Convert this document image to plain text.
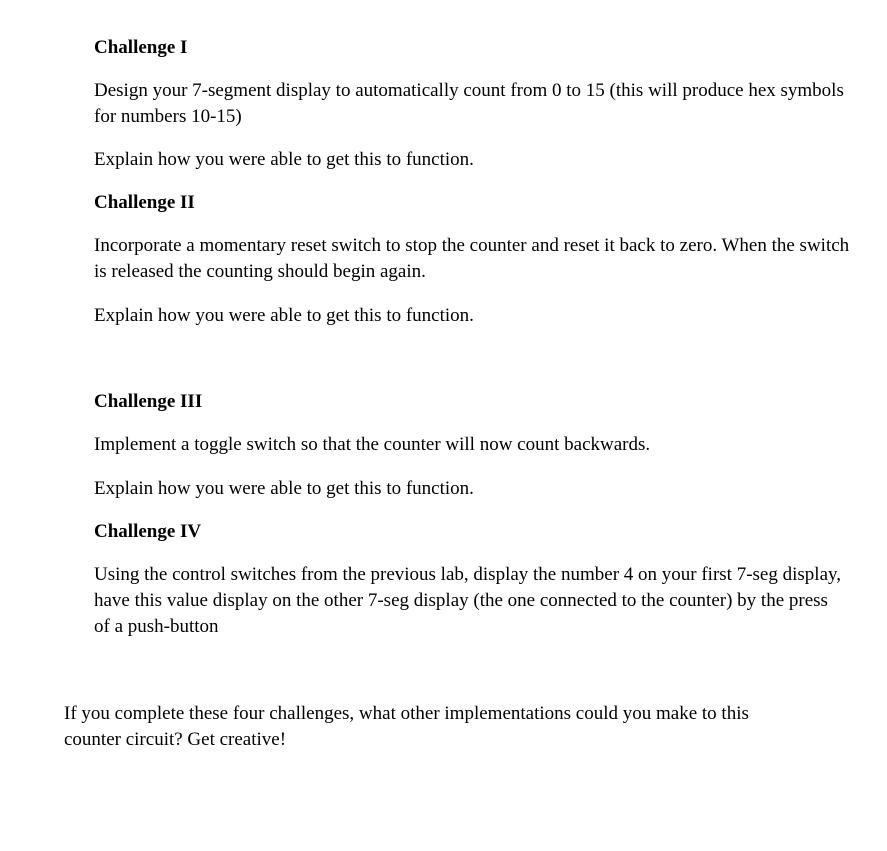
Challenge I

Design your 7-segment display to automatically count from 0 to 15 (this will produce hex symbols for numbers 10-15)

Explain how you were able to get this to function.

Challenge II

Incorporate a momentary reset switch to stop the counter and reset it back to zero. When the switch is released the counting should begin again.

Explain how you were able to get this to function.

Challenge III

Implement a toggle switch so that the counter will now count backwards.

Explain how you were able to get this to function.

Challenge IV

Using the control switches from the previous lab, display the number 4 on your first 7-seg display, have this value display on the other 7-seg display (the one connected to the counter) by the press of a push-button

If you complete these four challenges, what other implementations could you make to this counter circuit? Get creative!
